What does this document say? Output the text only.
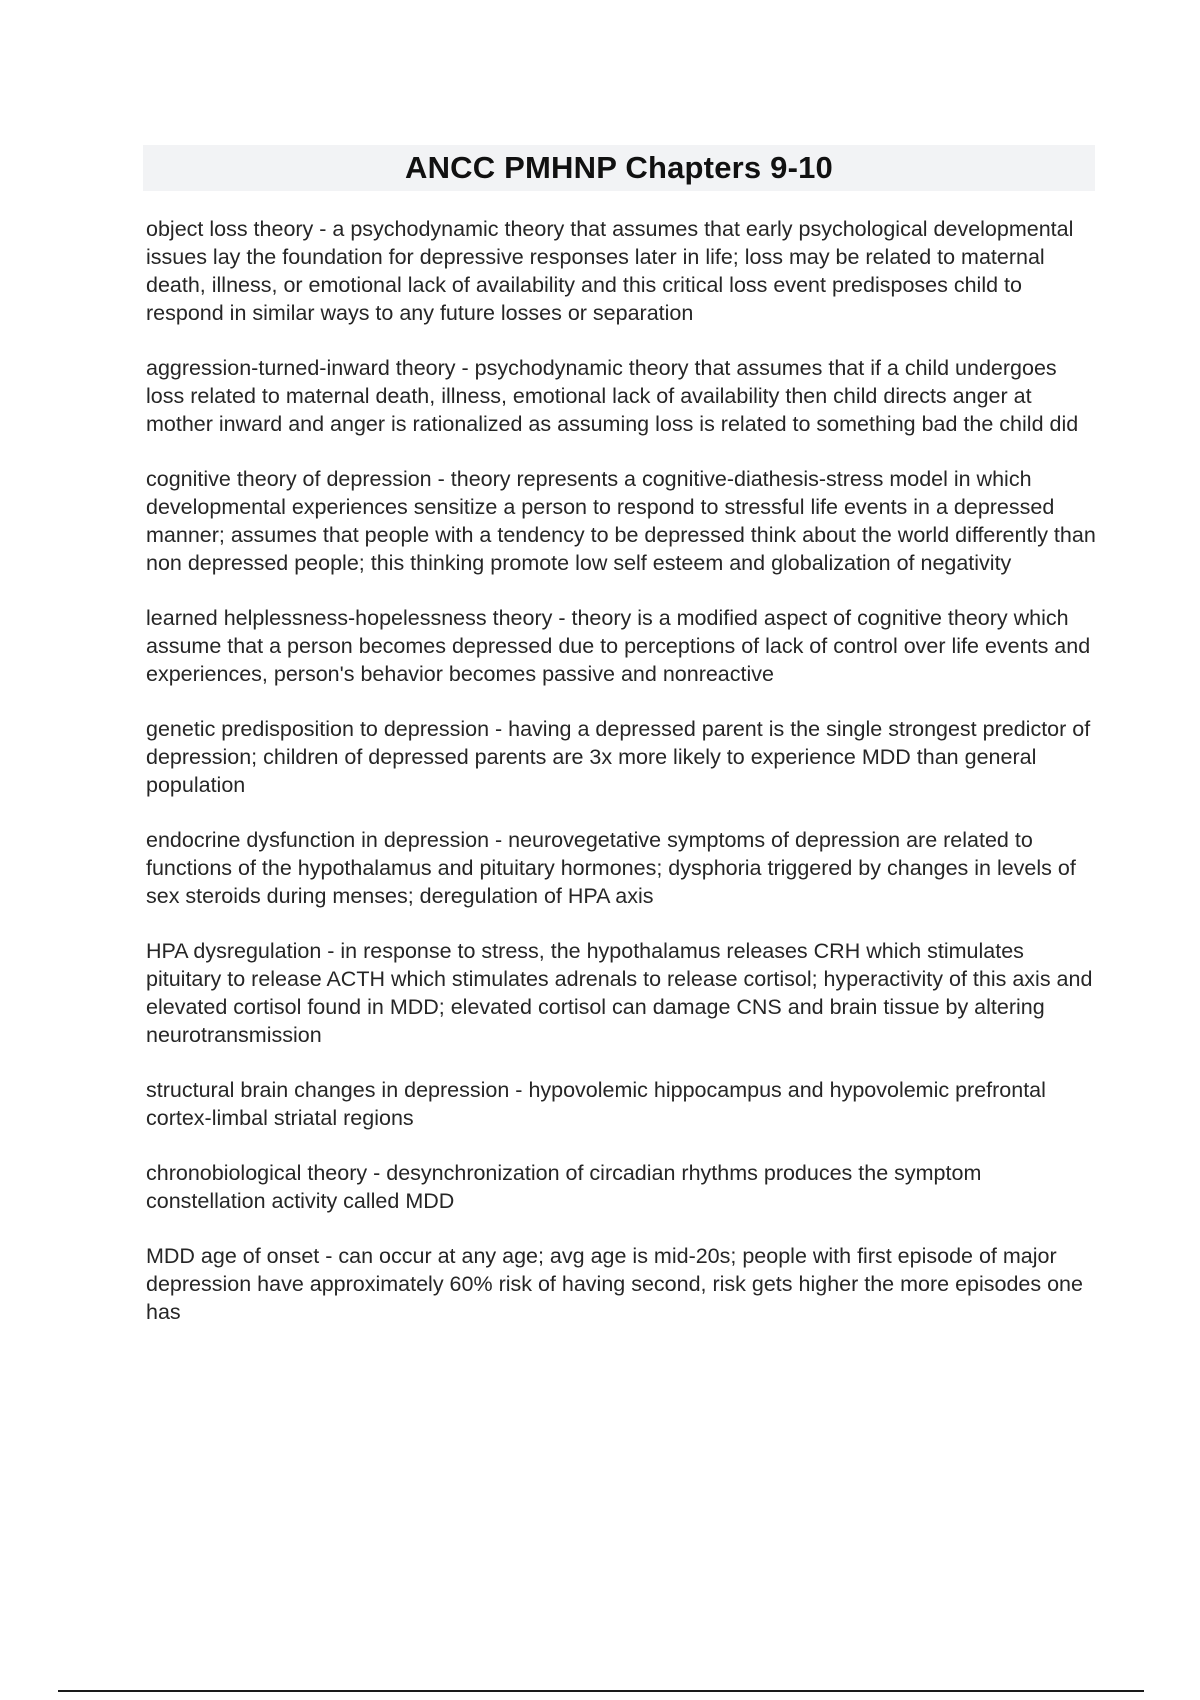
ANCC PMHNP Chapters 9-10

object loss theory - a psychodynamic theory that assumes that early psychological developmental issues lay the foundation for depressive responses later in life; loss may be related to maternal death, illness, or emotional lack of availability and this critical loss event predisposes child to respond in similar ways to any future losses or separation

aggression-turned-inward theory - psychodynamic theory that assumes that if a child undergoes loss related to maternal death, illness, emotional lack of availability then child directs anger at mother inward and anger is rationalized as assuming loss is related to something bad the child did

cognitive theory of depression - theory represents a cognitive-diathesis-stress model in which developmental experiences sensitize a person to respond to stressful life events in a depressed manner; assumes that people with a tendency to be depressed think about the world differently than non depressed people; this thinking promote low self esteem and globalization of negativity

learned helplessness-hopelessness theory - theory is a modified aspect of cognitive theory which assume that a person becomes depressed due to perceptions of lack of control over life events and experiences, person's behavior becomes passive and nonreactive

genetic predisposition to depression - having a depressed parent is the single strongest predictor of depression; children of depressed parents are 3x more likely to experience MDD than general population

endocrine dysfunction in depression - neurovegetative symptoms of depression are related to functions of the hypothalamus and pituitary hormones; dysphoria triggered by changes in levels of sex steroids during menses; deregulation of HPA axis

HPA dysregulation - in response to stress, the hypothalamus releases CRH which stimulates pituitary to release ACTH which stimulates adrenals to release cortisol; hyperactivity of this axis and elevated cortisol found in MDD; elevated cortisol can damage CNS and brain tissue by altering neurotransmission

structural brain changes in depression - hypovolemic hippocampus and hypovolemic prefrontal cortex-limbal striatal regions

chronobiological theory - desynchronization of circadian rhythms produces the symptom constellation activity called MDD

MDD age of onset - can occur at any age; avg age is mid-20s; people with first episode of major depression have approximately 60% risk of having second, risk gets higher the more episodes one has
